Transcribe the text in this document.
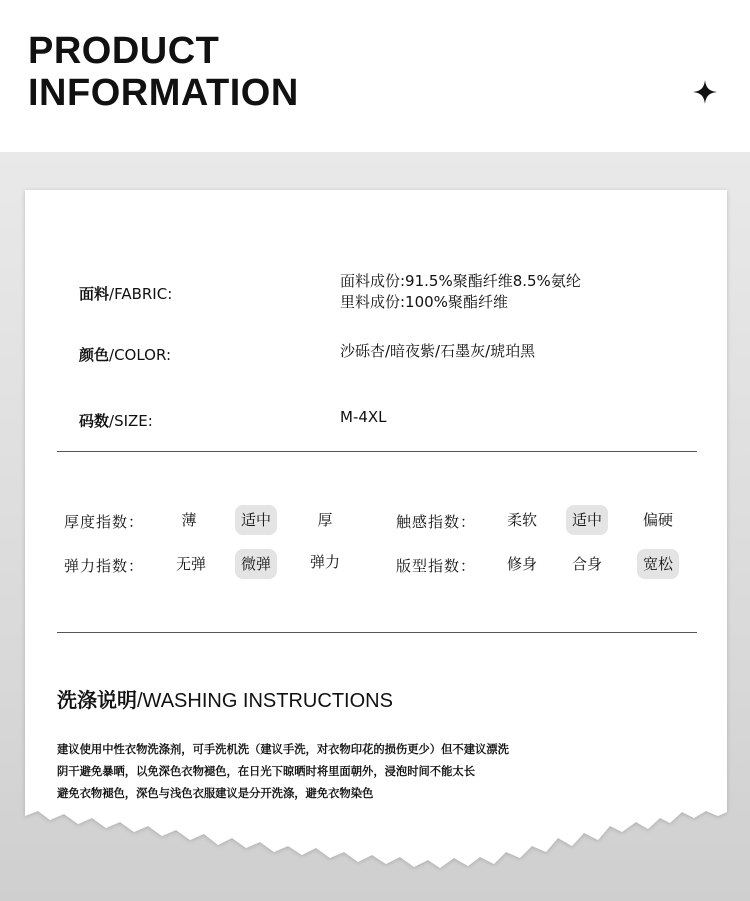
PRODUCT
INFORMATION
面料/FABRIC:
面料成份:91.5%聚酯纤维8.5%氨纶
里料成份:100%聚酯纤维
颜色/COLOR:	沙砾杏/暗夜紫/石墨灰/琥珀黑
码数/SIZE:	M-4XL
厚度指数：	薄	适中	厚	触感指数：	柔软	适中	偏硬
弹力指数：	无弹	微弹	弹力	版型指数：	修身	合身	宽松
洗涤说明/WASHING INSTRUCTIONS
建议使用中性衣物洗涤剂，可手洗机洗（建议手洗，对衣物印花的损伤更少）但不建议漂洗
阴干避免暴晒，以免深色衣物褪色，在日光下晾晒时将里面朝外，浸泡时间不能太长
避免衣物褪色，深色与浅色衣服建议是分开洗涤，避免衣物染色
